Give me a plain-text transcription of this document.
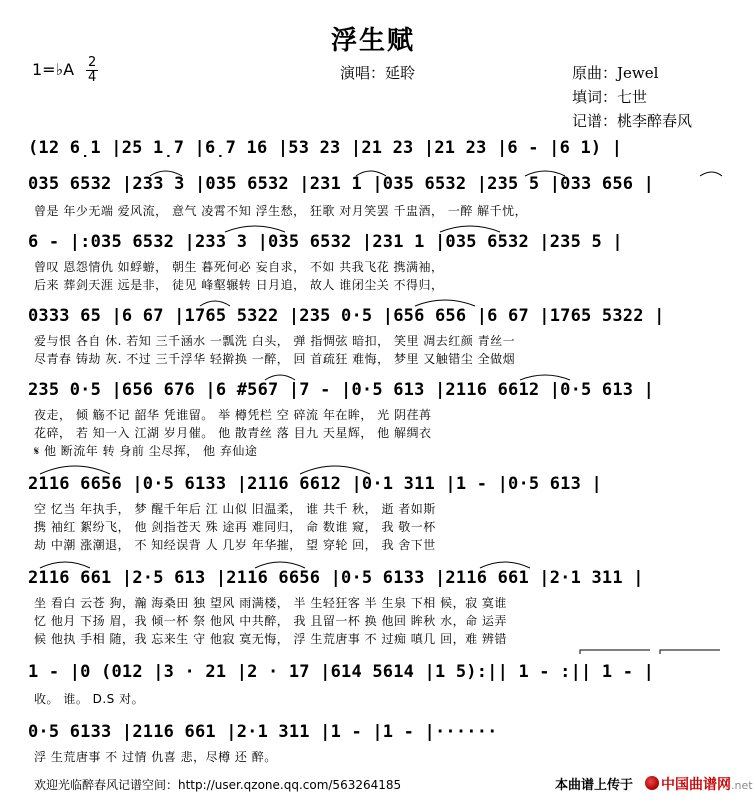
浮生赋
1=♭A $\frac{2}{4}$	演唱：延聆	原曲：Jewel
填词：七世
记谱：桃李醉春风
(12 6̣1 |25 1̣7 |6̣7 16 |53 23 |21 23 |21 23 |6 - |6 1) |
035 6532 |233 3 |035 6532 |231 1 |035 6532 |235 5 |033 656 |
曾是 年少无端 爱风流， 意气 凌霄不知 浮生愁， 狂歌 对月笑罢 千盅酒， 一醉 解千忧，
6 - |:035 6532 |233 3 |035 6532 |231 1 |035 6532 |235 5 |
曾叹 恩怨情仇 如蜉蝣， 朝生 暮死何必 妄自求， 不如 共我飞花 携满袖，
后来 葬剑天涯 远是非， 徒见 峰壑辗转 日月追， 故人 谁闭尘关 不得归，
0333 65 |6 67 |1765 5322 |235 0·5 |656 656 |6 67 |1765 5322 |
爱与恨 各自 休. 若知 三千涵水 一瓢洗 白头， 弹 指惆弦 暗扣， 笑里 凋去红颜 青丝一
尽青春 铸劫 灰. 不过 三千浮华 轻擀换 一醉， 回 首疏狂 难悔， 梦里 又触错尘 全做烟
235 0·5 |656 676 |6 #567 |7 - |0·5 613 |2116 6612 |0·5 613 |
夜走， 倾 觞不记 韶华 凭谁留。 举 樽凭栏 空 碎流 年在眸， 光 阴荏苒
花碎， 若 知一入 江湖 岁月催。 他 散青丝 落 目九 天星辉， 他 解绸衣
𝄋 他 断流年 转 身前 尘尽挥， 他 弃仙途
2116 6656 |0·5 6133 |2116 6612 |0·1 311 |1 - |0·5 613 |
空 忆当 年执手， 梦 醒千年后 江 山似 旧温柔， 谁 共千 秋， 逝 者如斯
携 袖红 絮纷飞， 他 剑指苍天 殊 途再 难同归， 命 数谁 窥， 我 敬一杯
劫 中潮 涨潮退， 不 知经误背 人 几岁 年华摧， 望 穿轮 回， 我 舍下世
2116 661 |2·5 613 |2116 6656 |0·5 6133 |2116 661 |2·1 311 |
坐 看白 云苍 狗，瀚 海桑田 独 望风 雨满楼， 半 生轻狂客 半 生泉 下相 候，寂 寞谁
忆 他月 下扬 眉，我 倾一杯 祭 他风 中共醉， 我 且留一杯 换 他回 眸秋 水，命 运弄
候 他执 手相 随，我 忘来生 守 他寂 寞无悔， 浮 生荒唐事 不 过痴 嗔几 回，难 辨错
1 - |0 (012 |3 · 21 |2 · 17 |614 5614 |1 5):|| 1 - :|| 1 - |
收。 谁。 D.S 对。
0·5 6133 |2116 661 |2·1 311 |1 - |1 - |······
浮 生荒唐事 不 过情 仇喜 悲，尽樽 还 醉。
欢迎光临醉春风记谱空间：http://user.qzone.qq.com/563264185	本曲谱上传于 中国曲谱网.net
